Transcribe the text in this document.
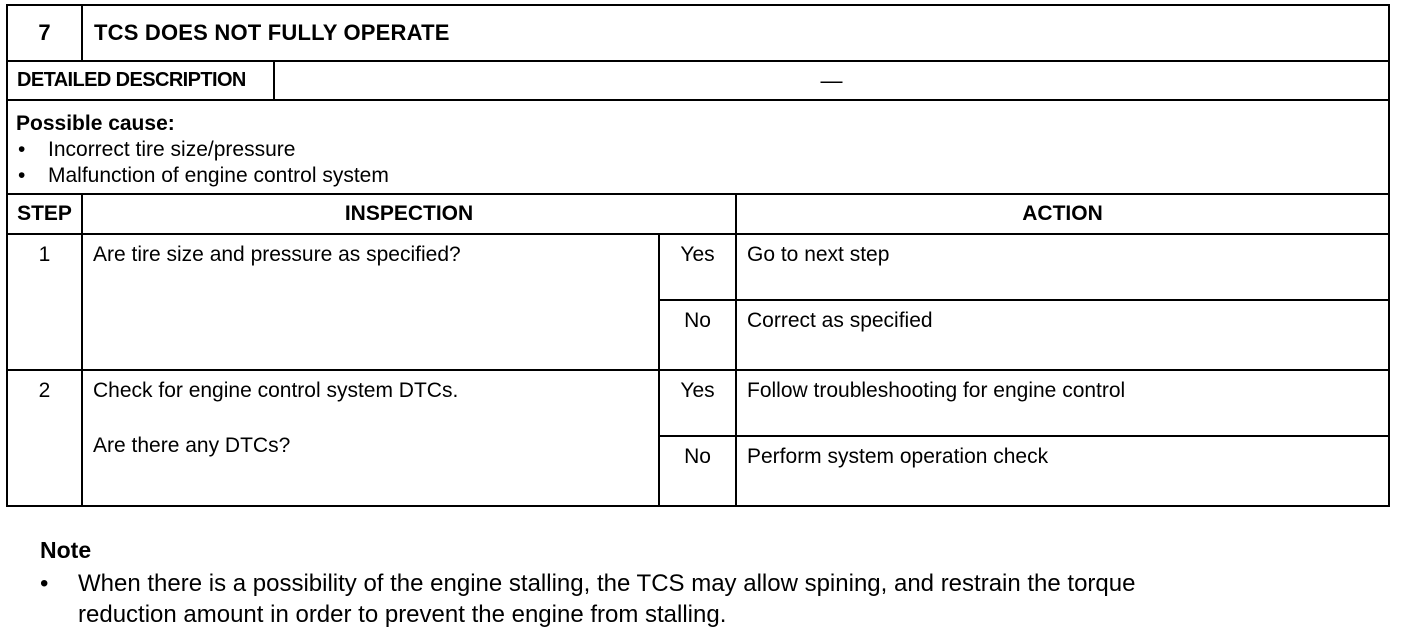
7 TCS DOES NOT FULLY OPERATE
DETAILED DESCRIPTION	—
Possible cause:
•	Incorrect tire size/pressure
•	Malfunction of engine control system
STEP	INSPECTION	ACTION
1	Are tire size and pressure as specified?	Yes	Go to next step
No	Correct as specified
2	Check for engine control system DTCs.
Are there any DTCs?
Yes	Follow troubleshooting for engine control
No	Perform system operation check
Note
• When there is a possibility of the engine stalling, the TCS may allow spining, and restrain the torque
reduction amount in order to prevent the engine from stalling.
